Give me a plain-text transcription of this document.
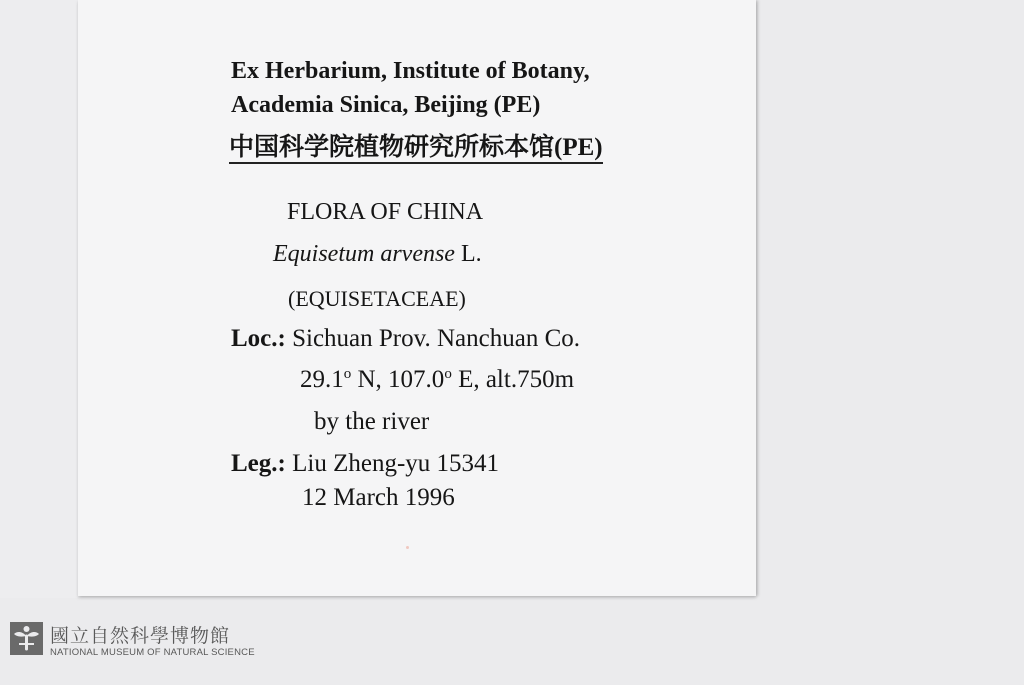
Ex Herbarium, Institute of Botany,
Academia Sinica, Beijing (PE)
中国科学院植物研究所标本馆(PE)
FLORA OF CHINA
Equisetum arvense L.
(EQUISETACEAE)
Loc.: Sichuan Prov. Nanchuan Co.
29.1$^o$ N, 107.0$^o$ E, alt.750m
by the river
Leg.: Liu Zheng-yu 15341
12 March 1996
國立自然科學博物館
NATIONAL MUSEUM OF NATURAL SCIENCE
